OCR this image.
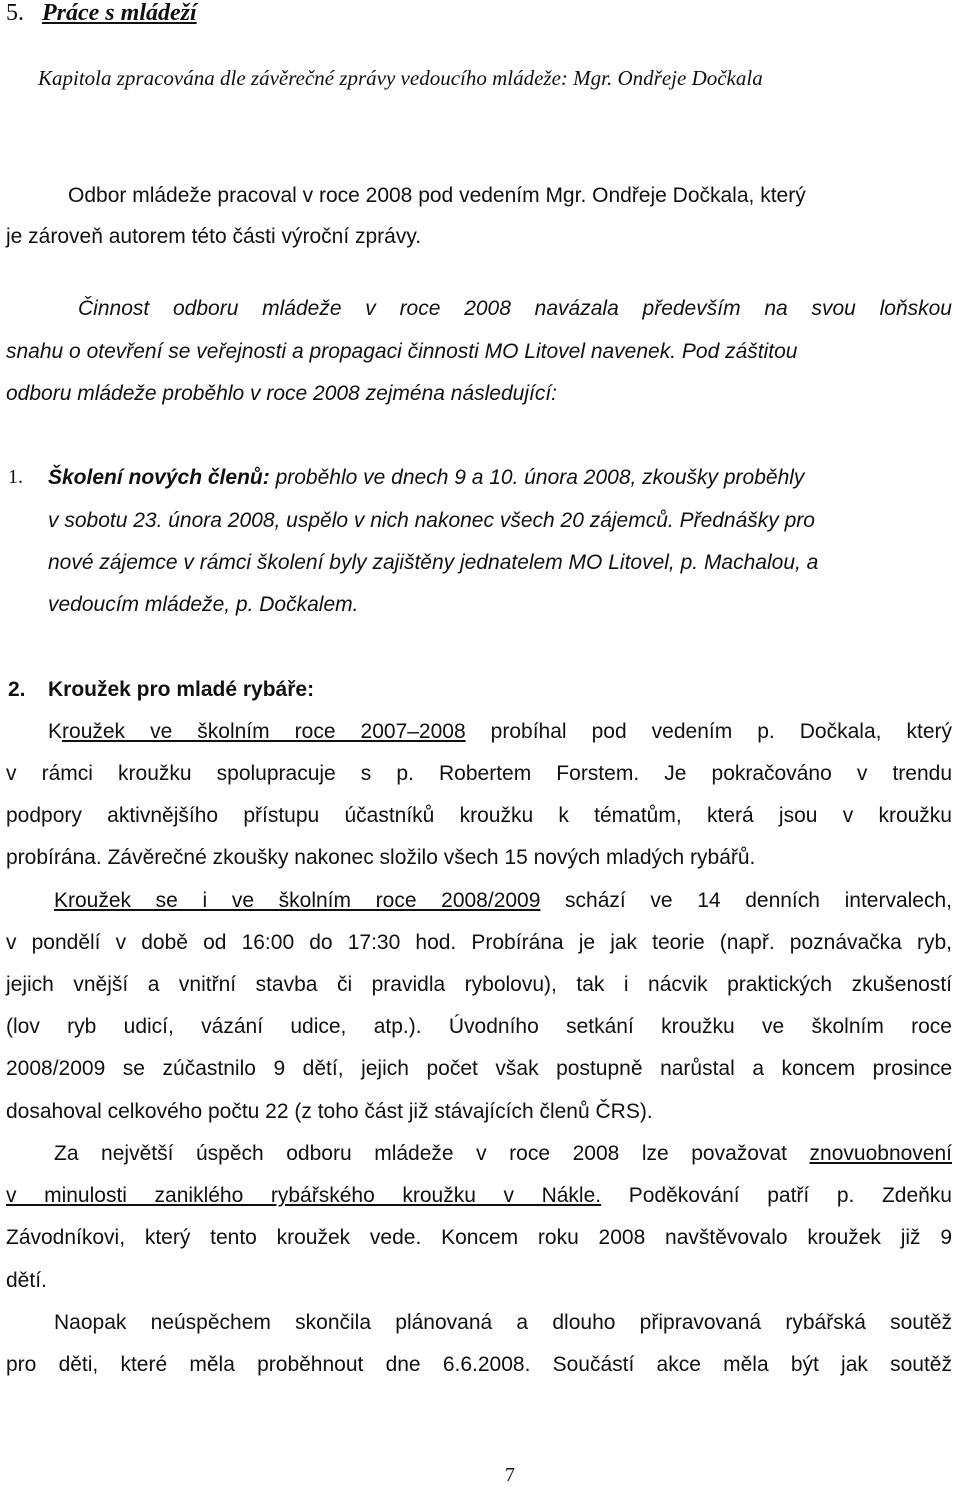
5. Práce s mládeží
Kapitola zpracována dle závěrečné zprávy vedoucího mládeže: Mgr. Ondřeje Dočkala
Odbor mládeže pracoval v roce 2008 pod vedením Mgr. Ondřeje Dočkala, který
je zároveň autorem této části výroční zprávy.
Činnost odboru mládeže v roce 2008 navázala především na svou loňskou
snahu o otevření se veřejnosti a propagaci činnosti MO Litovel navenek. Pod záštitou
odboru mládeže proběhlo v roce 2008 zejména následující:
1. Školení nových členů: proběhlo ve dnech 9 a 10. února 2008, zkoušky proběhly
v sobotu 23. února 2008, uspělo v nich nakonec všech 20 zájemců. Přednášky pro
nové zájemce v rámci školení byly zajištěny jednatelem MO Litovel, p. Machalou, a
vedoucím mládeže, p. Dočkalem.
2. Kroužek pro mladé rybáře:
Kroužek ve školním roce 2007–2008 probíhal pod vedením p. Dočkala, který
v rámci kroužku spolupracuje s p. Robertem Forstem. Je pokračováno v trendu
podpory aktivnějšího přístupu účastníků kroužku k tématům, která jsou v kroužku
probírána. Závěrečné zkoušky nakonec složilo všech 15 nových mladých rybářů.
Kroužek se i ve školním roce 2008/2009 schází ve 14 denních intervalech,
v pondělí v době od 16:00 do 17:30 hod. Probírána je jak teorie (např. poznávačka ryb,
jejich vnější a vnitřní stavba či pravidla rybolovu), tak i nácvik praktických zkušeností
(lov ryb udicí, vázání udice, atp.). Úvodního setkání kroužku ve školním roce
2008/2009 se zúčastnilo 9 dětí, jejich počet však postupně narůstal a koncem prosince
dosahoval celkového počtu 22 (z toho část již stávajících členů ČRS).
Za největší úspěch odboru mládeže v roce 2008 lze považovat znovuobnovení
v minulosti zaniklého rybářského kroužku v Nákle. Poděkování patří p. Zdeňku
Závodníkovi, který tento kroužek vede. Koncem roku 2008 navštěvovalo kroužek již 9
dětí.
Naopak neúspěchem skončila plánovaná a dlouho připravovaná rybářská soutěž
pro děti, které měla proběhnout dne 6.6.2008. Součástí akce měla být jak soutěž
7
